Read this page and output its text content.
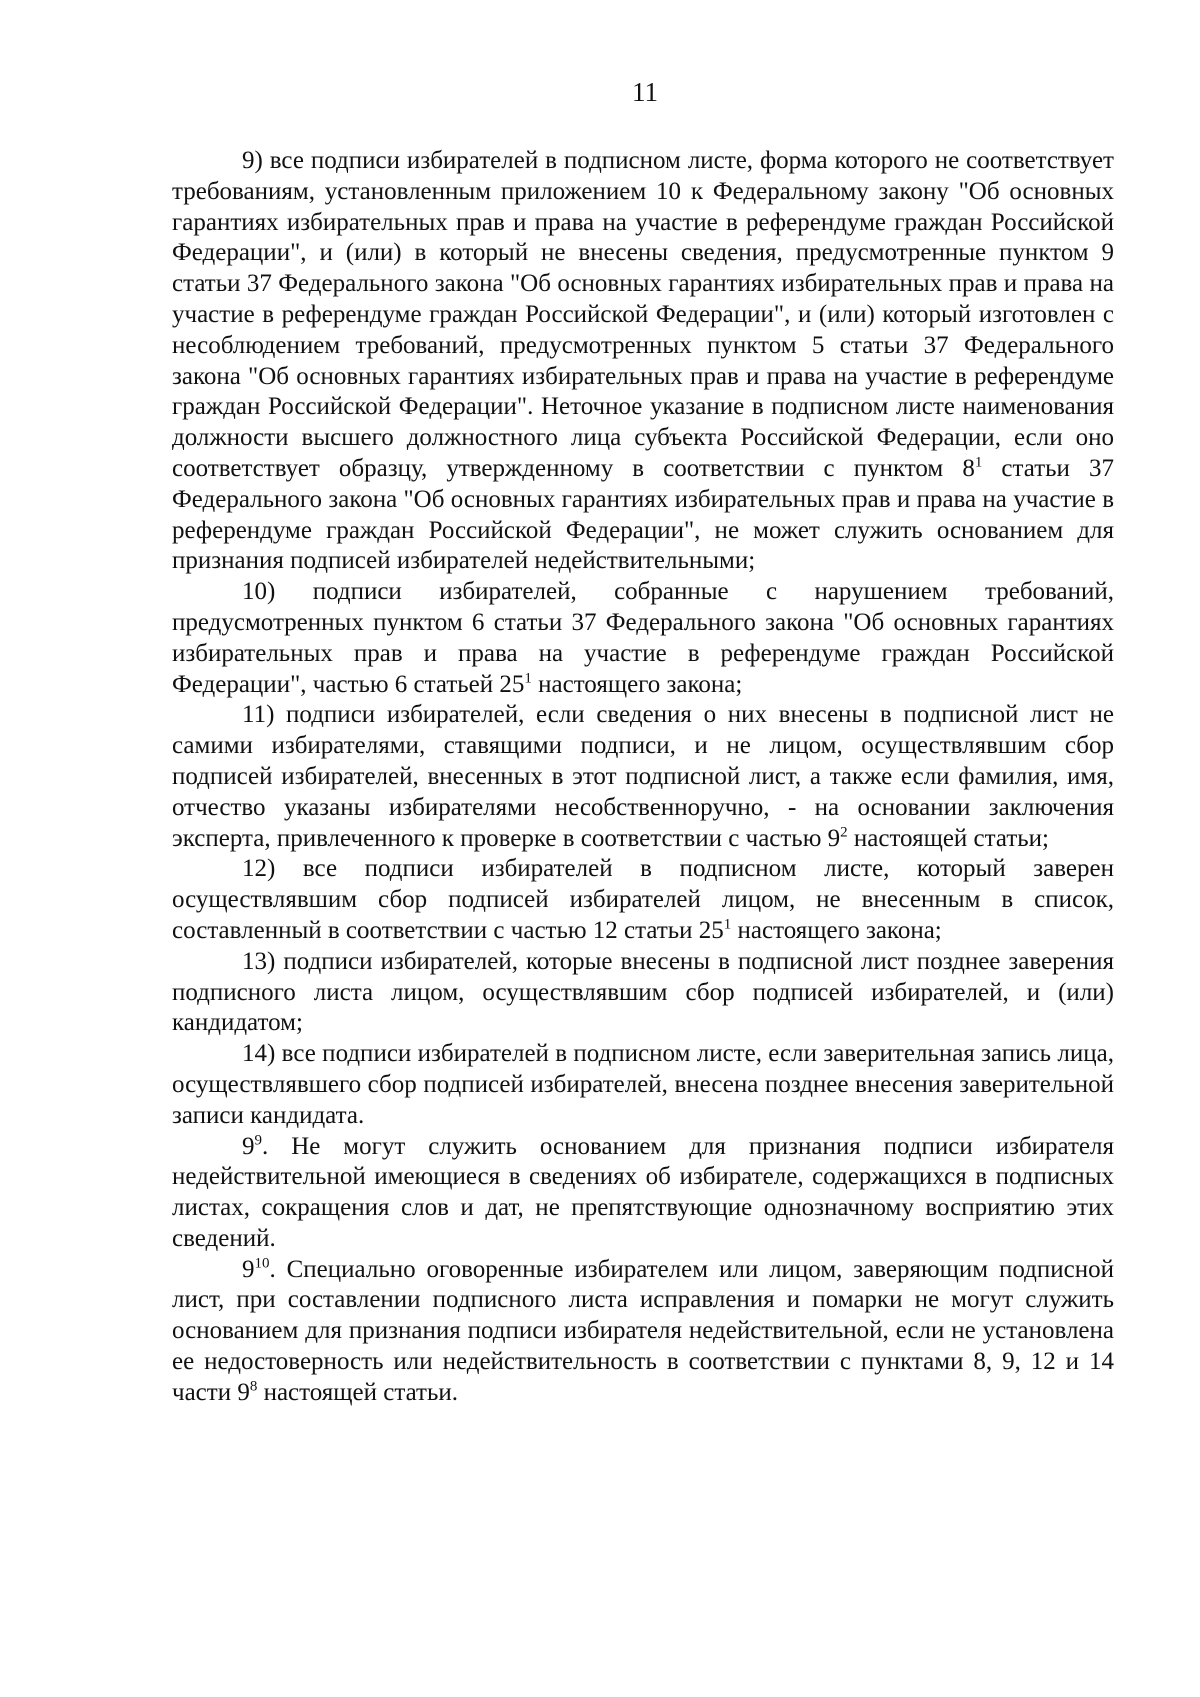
11

9) все подписи избирателей в подписном листе, форма которого не соответствует требованиям, установленным приложением 10 к Федеральному закону "Об основных гарантиях избирательных прав и права на участие в референдуме граждан Российской Федерации", и (или) в который не внесены сведения, предусмотренные пунктом 9 статьи 37 Федерального закона "Об основных гарантиях избирательных прав и права на участие в референдуме граждан Российской Федерации", и (или) который изготовлен с несоблюдением требований, предусмотренных пунктом 5 статьи 37 Федерального закона "Об основных гарантиях избирательных прав и права на участие в референдуме граждан Российской Федерации". Неточное указание в подписном листе наименования должности высшего должностного лица субъекта Российской Федерации, если оно соответствует образцу, утвержденному в соответствии с пунктом $8^1$ статьи 37 Федерального закона "Об основных гарантиях избирательных прав и права на участие в референдуме граждан Российской Федерации", не может служить основанием для признания подписей избирателей недействительными;

10) подписи избирателей, собранные с нарушением требований, предусмотренных пунктом 6 статьи 37 Федерального закона "Об основных гарантиях избирательных прав и права на участие в референдуме граждан Российской Федерации", частью 6 статьей $25^1$ настоящего закона;

11) подписи избирателей, если сведения о них внесены в подписной лист не самими избирателями, ставящими подписи, и не лицом, осуществлявшим сбор подписей избирателей, внесенных в этот подписной лист, а также если фамилия, имя, отчество указаны избирателями несобственноручно, - на основании заключения эксперта, привлеченного к проверке в соответствии с частью $9^2$ настоящей статьи;

12) все подписи избирателей в подписном листе, который заверен осуществлявшим сбор подписей избирателей лицом, не внесенным в список, составленный в соответствии с частью 12 статьи $25^1$ настоящего закона;

13) подписи избирателей, которые внесены в подписной лист позднее заверения подписного листа лицом, осуществлявшим сбор подписей избирателей, и (или) кандидатом;

14) все подписи избирателей в подписном листе, если заверительная запись лица, осуществлявшего сбор подписей избирателей, внесена позднее внесения заверительной записи кандидата.

$9^9$. Не могут служить основанием для признания подписи избирателя недействительной имеющиеся в сведениях об избирателе, содержащихся в подписных листах, сокращения слов и дат, не препятствующие однозначному восприятию этих сведений.

$9^{10}$. Специально оговоренные избирателем или лицом, заверяющим подписной лист, при составлении подписного листа исправления и помарки не могут служить основанием для признания подписи избирателя недействительной, если не установлена ее недостоверность или недействительность в соответствии с пунктами 8, 9, 12 и 14 части $9^8$ настоящей статьи.
